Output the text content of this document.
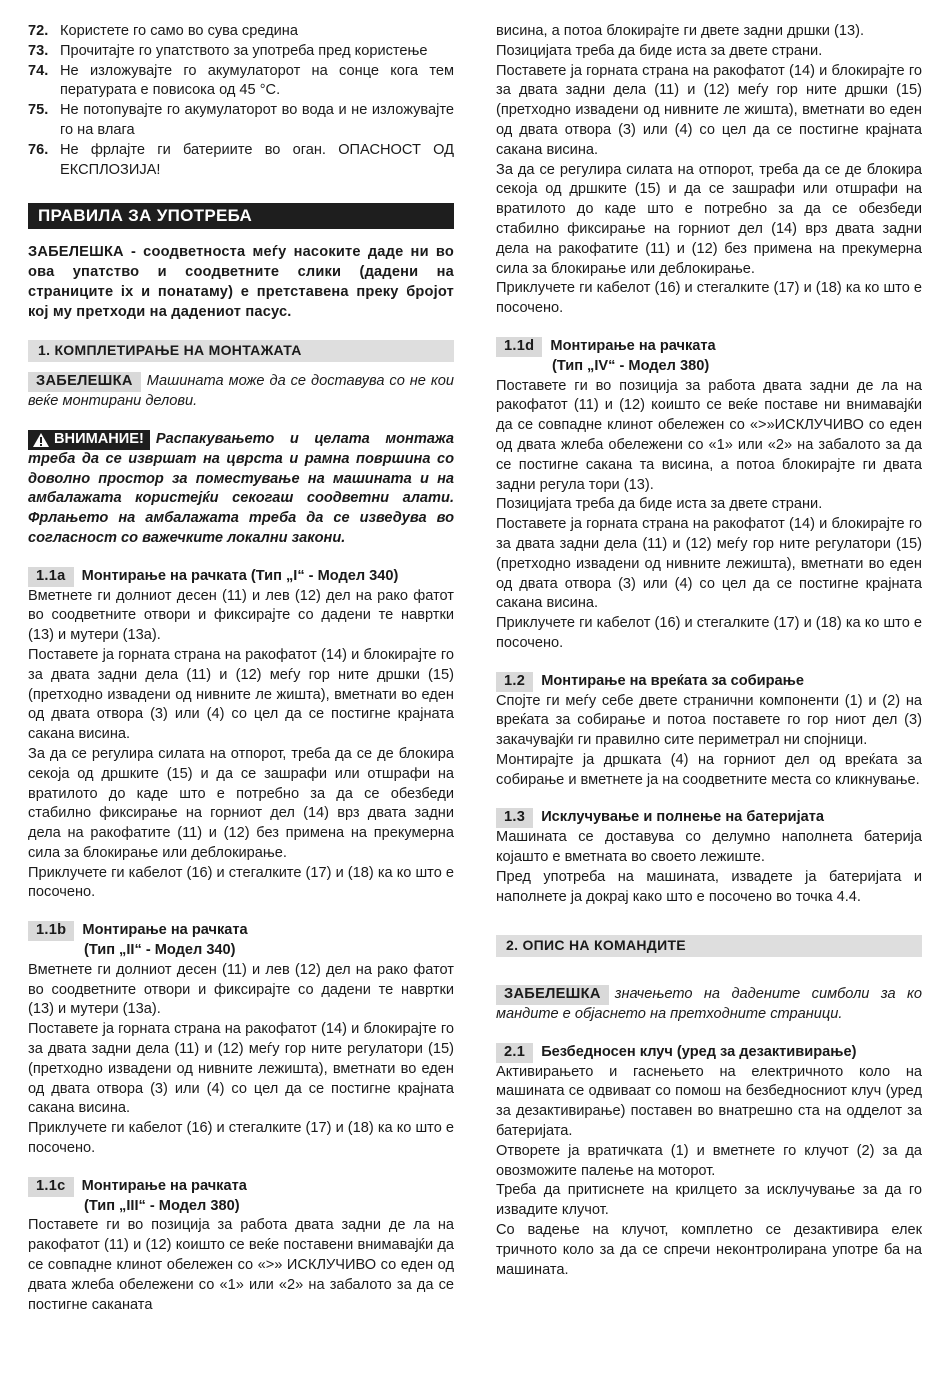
72. Користете го само во сува средина
73. Прочитајте го упатството за употреба пред користење
74. Не изложувајте го акумулаторот на сонце кога тем пературата е повисока од 45 °С.
75. Не потопувајте го акумулаторот во вода и не изложувајте го на влага
76. Не фрлајте ги батериите во оган. ОПАСНОСТ ОД ЕКСПЛОЗИЈА!
ПРАВИЛА ЗА УПОТРЕБА

ЗАБЕЛЕШКА - соодветноста меѓу насоките даде ни во ова упатство и соодветните слики (дадени на страниците iх и понатаму) е претставена преку бројот кој му претходи на дадениот пасус.

1. КОМПЛЕТИРАЊЕ НА МОНТАЖАТА

ЗАБЕЛЕШКА Машината може да се доставува со не кои веќе монтирани делови.

ВНИМАНИЕ! Распакувањето и целата монтажа треба да се извршат на цврста и рамна површина со доволно простор за поместување на машината и на амбалажата користејќи секогаш соодветни алати. Фрлањето на амбалажата треба да се изведува во согласност со важечките локални закони.

1.1a Монтирање на рачката (Тип „I“ - Модел 340)

Вметнете ги долниот десен (11) и лев (12) дел на рако фатот во соодветните отвори и фиксирајте со дадени те навртки (13) и мутери (13а).

Поставете ја горната страна на ракофатот (14) и блокирајте го за двата задни дела (11) и (12) меѓу гор ните дршки (15) (претходно извадени од нивните ле жишта), вметнати во еден од двата отвора (3) или (4) со цел да се постигне крајната сакана висина.

За да се регулира силата на отпорот, треба да се де блокира секоја од дршките (15) и да се зашрафи или отшрафи на вратилото до каде што е потребно за да се обезбеди стабилно фиксирање на горниот дел (14) врз двата задни дела на ракофатите (11) и (12) без примена на прекумерна сила за блокирање или деблокирање.

Приклучете ги кабелот (16) и стегалките (17) и (18) ка ко што е посочено.

1.1b Монтирање на рачката
(Тип „II“ - Модел 340)

Вметнете ги долниот десен (11) и лев (12) дел на рако фатот во соодветните отвори и фиксирајте со дадени те навртки (13) и мутери (13а).

Поставете ја горната страна на ракофатот (14) и блокирајте го за двата задни дела (11) и (12) меѓу гор ните регулатори (15) (претходно извадени од нивните лежишта), вметнати во еден од двата отвора (3) или (4) со цел да се постигне крајната сакана висина.

Приклучете ги кабелот (16) и стегалките (17) и (18) ка ко што е посочено.

1.1c Монтирање на рачката
(Тип „III“ - Модел 380)

Поставете ги во позиција за работа двата задни де ла на ракофатот (11) и (12) коишто се веќе поставени внимавајќи да се совпадне клинот обележен со «>» ИСКЛУЧИВО со еден од двата жлеба обележени со «1» или «2» на забалото за да се постигне саканата

висина, а потоа блокирајте ги двете задни дршки (13).

Позицијата треба да биде иста за двете страни.

Поставете ја горната страна на ракофатот (14) и блокирајте го за двата задни дела (11) и (12) меѓу гор ните дршки (15) (претходно извадени од нивните ле жишта), вметнати во еден од двата отвора (3) или (4) со цел да се постигне крајната сакана висина.

За да се регулира силата на отпорот, треба да се де блокира секоја од дршките (15) и да се зашрафи или отшрафи на вратилото до каде што е потребно за да се обезбеди стабилно фиксирање на горниот дел (14) врз двата задни дела на ракофатите (11) и (12) без примена на прекумерна сила за блокирање или деблокирање.

Приклучете ги кабелот (16) и стегалките (17) и (18) ка ко што е посочено.

1.1d Монтирање на рачката
(Тип „IV“ - Модел 380)

Поставете ги во позиција за работа двата задни де ла на ракофатот (11) и (12) коишто се веќе поставе ни внимавајќи да се совпадне клинот обележен со «>»ИСКЛУЧИВО со еден од двата жлеба обележени со «1» или «2» на забалото за да се постигне сакана та висина, а потоа блокирајте ги двата задни регула тори (13).

Позицијата треба да биде иста за двете страни.

Поставете ја горната страна на ракофатот (14) и блокирајте го за двата задни дела (11) и (12) меѓу гор ните регулатори (15) (претходно извадени од нивните лежишта), вметнати во еден од двата отвора (3) или (4) со цел да се постигне крајната сакана висина.

Приклучете ги кабелот (16) и стегалките (17) и (18) ка ко што е посочено.

1.2 Монтирање на вреќата за собирање

Спојте ги меѓу себе двете странични компоненти (1) и (2) на вреќата за собирање и потоа поставете го гор ниот дел (3) закачувајќи ги правилно сите периметрал ни спојници.

Монтирајте ја дршката (4) на горниот дел од вреќата за собирање и вметнете ја на соодветните места со кликнување.

1.3 Исклучување и полнење на батеријата

Машината се доставува со делумно наполнета батерија којашто е вметната во своето лежиште.

Пред употреба на машината, извадете ја батеријата и наполнете ја докрај како што е посочено во точка 4.4.

2. ОПИС НА КОМАНДИТЕ

ЗАБЕЛЕШКА значењето на дадените симболи за ко мандите е објаснето на претходните страници.

2.1 Безбедносен клуч (уред за дезактивирање)

Активирањето и гаснењето на електричното коло на машината се одвиваат со помош на безбедносниот клуч (уред за дезактивирање) поставен во внатрешно ста на одделот за батеријата.

Отворете ја вратичката (1) и вметнете го клучот (2) за да овозможите палење на моторот.

Треба да притиснете на крилцето за исклучување за да го извадите клучот.

Со вадење на клучот, комплетно се дезактивира елек тричното коло за да се спречи неконтролирана употре ба на машината.
